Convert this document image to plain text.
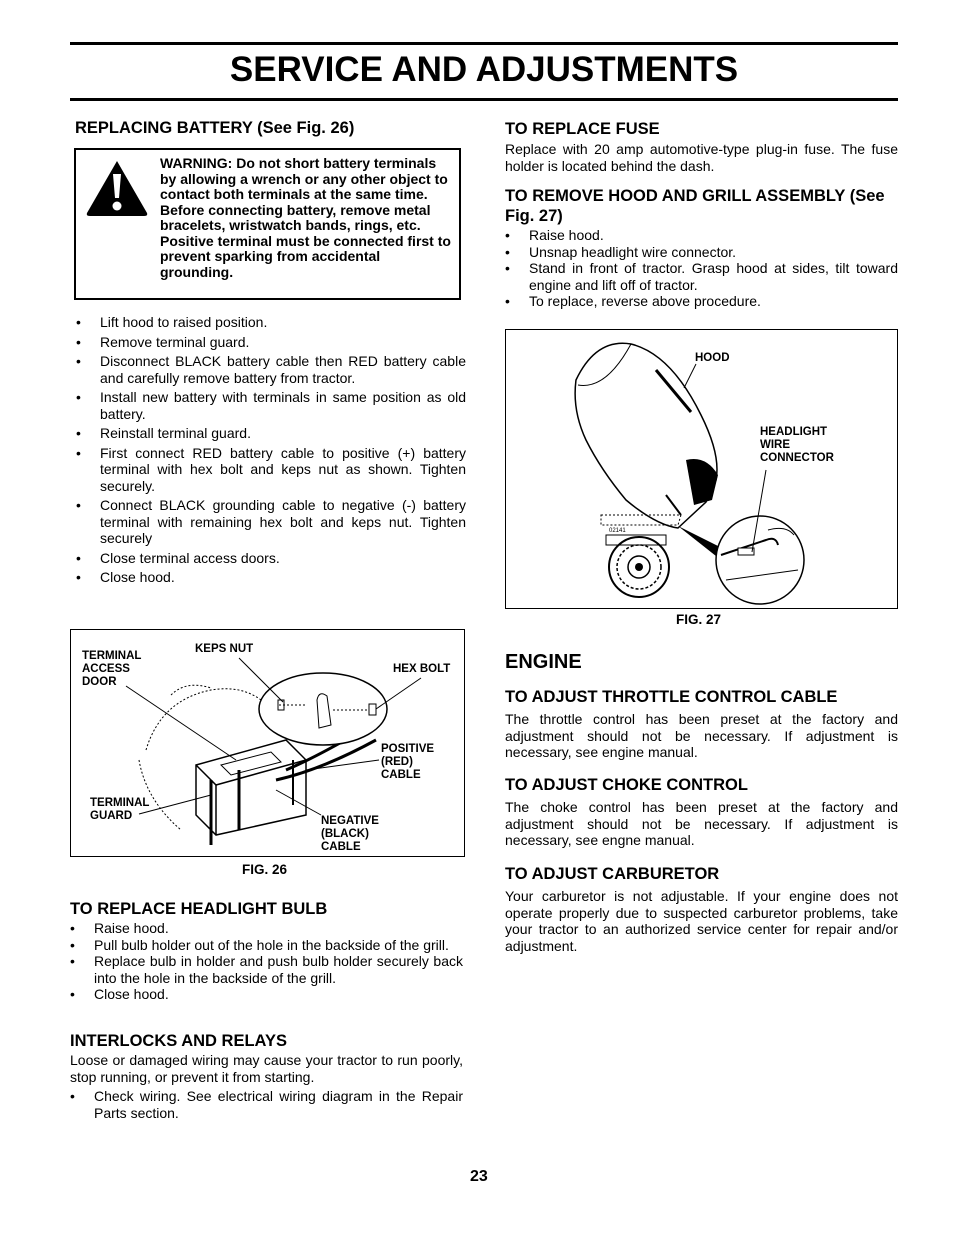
SERVICE AND ADJUSTMENTS
REPLACING BATTERY (See Fig. 26)

WARNING: Do not short battery terminals by allowing a wrench or any other object to contact both terminals at the same time. Before connecting battery, remove metal bracelets, wristwatch bands, rings, etc. Positive terminal must be connected first to prevent sparking from accidental grounding.

• Lift hood to raised position.
• Remove terminal guard.
• Disconnect BLACK battery cable then RED battery cable and carefully remove battery from tractor.
• Install new battery with terminals in same position as old battery.
• Reinstall terminal guard.
• First connect RED battery cable to positive (+) battery terminal with hex bolt and keps nut as shown. Tighten securely.
• Connect BLACK grounding cable to negative (-) battery terminal with remaining hex bolt and keps nut. Tighten securely
• Close terminal access doors.
• Close hood.

TERMINAL ACCESS DOOR

KEPS NUT

HEX BOLT

POSITIVE (RED) CABLE

TERMINAL GUARD	NEGATIVE (BLACK) CABLE

FIG. 26

TO REPLACE HEADLIGHT BULB
• Raise hood.
• Pull bulb holder out of the hole in the backside of the grill.
• Replace bulb in holder and push bulb holder securely back into the hole in the backside of the grill.
• Close hood.
INTERLOCKS AND RELAYS

Loose or damaged wiring may cause your tractor to run poorly, stop running, or prevent it from starting.

• Check wiring. See electrical wiring diagram in the Repair Parts section.
TO REPLACE FUSE

Replace with 20 amp automotive-type plug-in fuse. The fuse holder is located behind the dash.

TO REMOVE HOOD AND GRILL ASSEMBLY (See Fig. 27)
• Raise hood.
• Unsnap headlight wire connector.
• Stand in front of tractor. Grasp hood at sides, tilt toward engine and lift off of tractor.
• To replace, reverse above procedure.

HOOD

HEADLIGHT WIRE CONNECTOR

02141

FIG. 27

ENGINE
TO ADJUST THROTTLE CONTROL CABLE

The throttle control has been preset at the factory and adjustment should not be necessary. If adjustment is necessary, see engine manual.

TO ADJUST CHOKE CONTROL

The choke control has been preset at the factory and adjustment should not be necessary. If adjustment is necessary, see engne manual.

TO ADJUST CARBURETOR

Your carburetor is not adjustable. If your engine does not operate properly due to suspected carburetor problems, take your tractor to an authorized service center for repair and/or adjustment.

23
